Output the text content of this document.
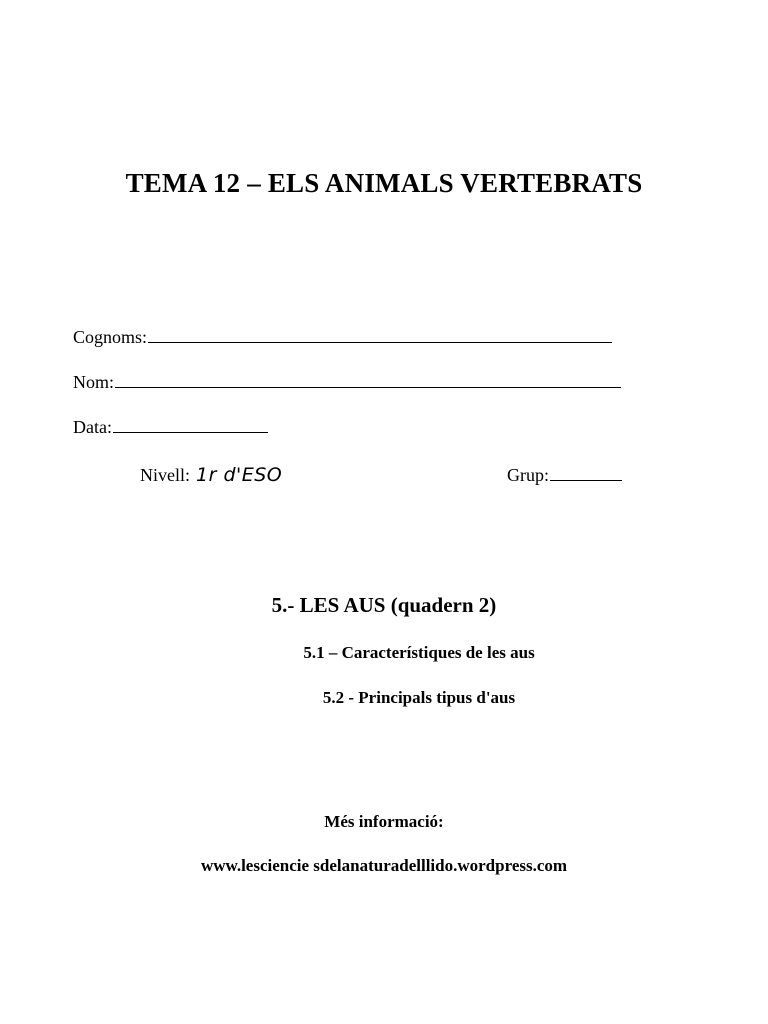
TEMA 12 – ELS ANIMALS VERTEBRATS
Cognoms:
Nom:
Data:
Nivell: 1r d'ESO	Grup:
5.- LES AUS (quadern 2)
5.1 – Característiques de les aus
5.2 - Principals tipus d'aus
Més informació:
www.lesciencie sdelanaturadelllido.wordpress.com
